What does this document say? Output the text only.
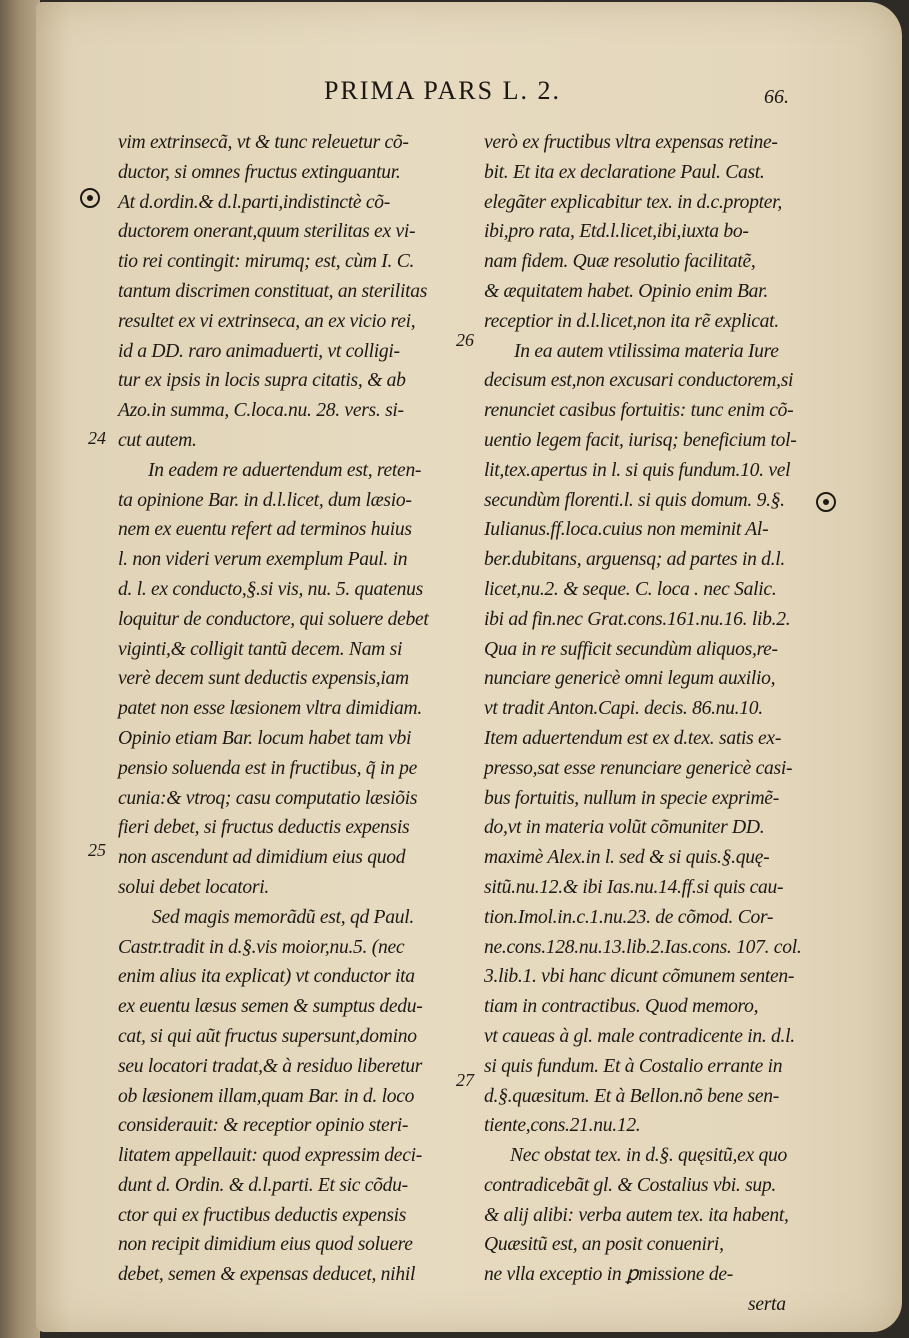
PRIMA PARS L. 2.	66.
24
25
26
27
vim extrinsecã, vt & tunc releuetur cõ-
ductor, si omnes fructus extinguantur.
At d.ordin.& d.l.parti,indistinctè cõ-
ductorem onerant,quum sterilitas ex vi-
tio rei contingit: mirumq; est, cùm I. C.
tantum discrimen constituat, an sterilitas
resultet ex vi extrinseca, an ex vicio rei,
id a DD. raro animaduerti, vt colligi-
tur ex ipsis in locis supra citatis, & ab
Azo.in summa, C.loca.nu. 28. vers. si-
cut autem.
In eadem re aduertendum est, reten-
ta opinione Bar. in d.l.licet, dum læsio-
nem ex euentu refert ad terminos huius
l. non videri verum exemplum Paul. in
d. l. ex conducto,§.si vis, nu. 5. quatenus
loquitur de conductore, qui soluere debet
viginti,& colligit tantũ decem. Nam si
verè decem sunt deductis expensis,iam
patet non esse læsionem vltra dimidiam.
Opinio etiam Bar. locum habet tam vbi
pensio soluenda est in fructibus, q̃ in pe
cunia:& vtroq; casu computatio læsiõis
fieri debet, si fructus deductis expensis
non ascendunt ad dimidium eius quod
solui debet locatori.
Sed magis memorãdũ est, qd Paul.
Castr.tradit in d.§.vis moior,nu.5. (nec
enim alius ita explicat) vt conductor ita
ex euentu læsus semen & sumptus dedu-
cat, si qui aũt fructus supersunt,domino
seu locatori tradat,& à residuo liberetur
ob læsionem illam,quam Bar. in d. loco
considerauit: & receptior opinio steri-
litatem appellauit: quod expressim deci-
dunt d. Ordin. & d.l.parti. Et sic cõdu-
ctor qui ex fructibus deductis expensis
non recipit dimidium eius quod soluere
debet, semen & expensas deducet, nihil
verò ex fructibus vltra expensas retine-
bit. Et ita ex declaratione Paul. Cast.
elegãter explicabitur tex. in d.c.propter,
ibi,pro rata, Etd.l.licet,ibi,iuxta bo-
nam fidem. Quæ resolutio facilitatẽ,
& æquitatem habet. Opinio enim Bar.
receptior in d.l.licet,non ita rẽ explicat.
In ea autem vtilissima materia Iure
decisum est,non excusari conductorem,si
renunciet casibus fortuitis: tunc enim cõ-
uentio legem facit, iurisq; beneficium tol-
lit,tex.apertus in l. si quis fundum.10. vel
secundùm florenti.l. si quis domum. 9.§.
Iulianus.ff.loca.cuius non meminit Al-
ber.dubitans, arguensq; ad partes in d.l.
licet,nu.2. & seque. C. loca . nec Salic.
ibi ad fin.nec Grat.cons.161.nu.16. lib.2.
Qua in re sufficit secundùm aliquos,re-
nunciare genericè omni legum auxilio,
vt tradit Anton.Capi. decis. 86.nu.10.
Item aduertendum est ex d.tex. satis ex-
presso,sat esse renunciare genericè casi-
bus fortuitis, nullum in specie exprimẽ-
do,vt in materia volũt cõmuniter DD.
maximè Alex.in l. sed & si quis.§.quę-
sitũ.nu.12.& ibi Ias.nu.14.ff.si quis cau-
tion.Imol.in.c.1.nu.23. de cõmod. Cor-
ne.cons.128.nu.13.lib.2.Ias.cons. 107. col.
3.lib.1. vbi hanc dicunt cõmunem senten-
tiam in contractibus. Quod memoro,
vt caueas à gl. male contradicente in. d.l.
si quis fundum. Et à Costalio errante in
d.§.quæsitum. Et à Bellon.nõ bene sen-
tiente,cons.21.nu.12.
Nec obstat tex. in d.§. quęsitũ,ex quo
contradicebãt gl. & Costalius vbi. sup.
& alij alibi: verba autem tex. ita habent,
Quæsitũ est, an posit conueniri,
ne vlla exceptio in ꝑmissione de-
serta
